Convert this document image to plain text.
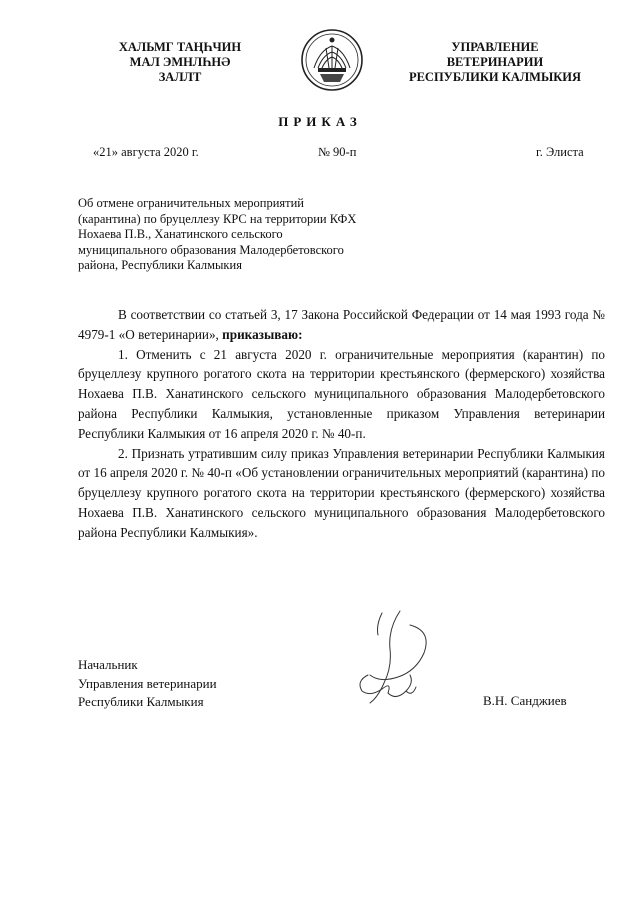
ХАЛЬМГ ТАҢҺЧИН
МАЛ ЭМНЛҺНӘ
ЗАЛЛТ
УПРАВЛЕНИЕ
ВЕТЕРИНАРИИ
РЕСПУБЛИКИ КАЛМЫКИЯ
ПРИКАЗ
«21» августа 2020 г.	№ 90-п	г. Элиста
Об отмене ограничительных мероприятий
(карантина) по бруцеллезу КРС на территории КФХ
Нохаева П.В., Ханатинского сельского
муниципального образования Малодербетовского
района, Республики Калмыкия

В соответствии со статьей 3, 17 Закона Российской Федерации от 14 мая 1993 года № 4979-1 «О ветеринарии», приказываю:

1. Отменить с 21 августа 2020 г. ограничительные мероприятия (карантин) по бруцеллезу крупного рогатого скота на территории крестьянского (фермерского) хозяйства Нохаева П.В. Ханатинского сельского муниципального образования Малодербетовского района Республики Калмыкия, установленные приказом Управления ветеринарии Республики Калмыкия от 16 апреля 2020 г. № 40-п.

2. Признать утратившим силу приказ Управления ветеринарии Республики Калмыкия от 16 апреля 2020 г. № 40-п «Об установлении ограничительных мероприятий (карантина) по бруцеллезу крупного рогатого скота на территории крестьянского (фермерского) хозяйства Нохаева П.В. Ханатинского сельского муниципального образования Малодербетовского района Республики Калмыкия».

Начальник
Управления ветеринарии
Республики Калмыкия	В.Н. Санджиев
